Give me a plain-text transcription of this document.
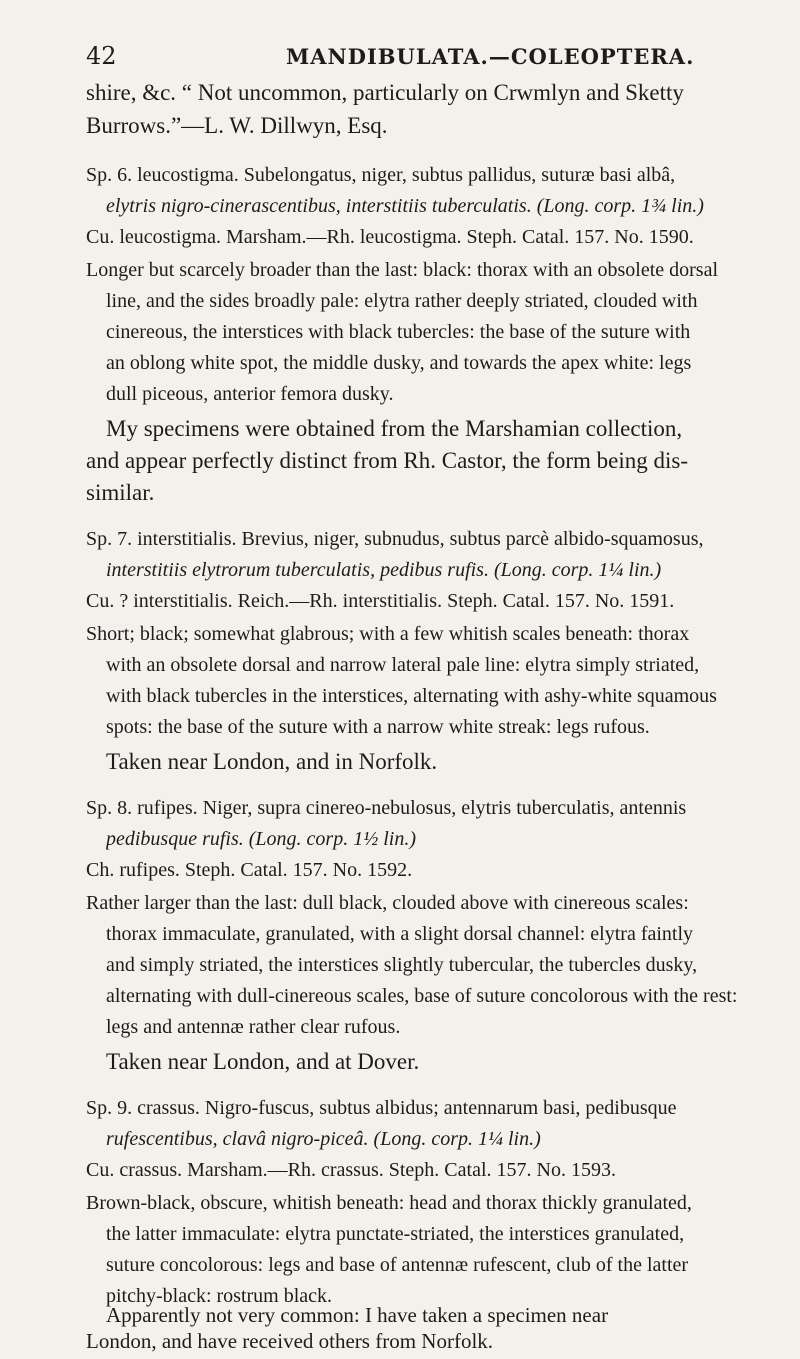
42	MANDIBULATA.—COLEOPTERA.
shire, &c. “ Not uncommon, particularly on Crwmlyn and Sketty
Burrows.”—L. W. Dillwyn, Esq.
Sp. 6. leucostigma. Subelongatus, niger, subtus pallidus, suturæ basi albâ,
elytris nigro-cinerascentibus, interstitiis tuberculatis. (Long. corp. 1¾ lin.)
Cu. leucostigma. Marsham.—Rh. leucostigma. Steph. Catal. 157. No. 1590.
Longer but scarcely broader than the last: black: thorax with an obsolete dorsal
line, and the sides broadly pale: elytra rather deeply striated, clouded with
cinereous, the interstices with black tubercles: the base of the suture with
an oblong white spot, the middle dusky, and towards the apex white: legs
dull piceous, anterior femora dusky.
My specimens were obtained from the Marshamian collection,
and appear perfectly distinct from Rh. Castor, the form being dis-
similar.
Sp. 7. interstitialis. Brevius, niger, subnudus, subtus parcè albido-squamosus,
interstitiis elytrorum tuberculatis, pedibus rufis. (Long. corp. 1¼ lin.)
Cu. ? interstitialis. Reich.—Rh. interstitialis. Steph. Catal. 157. No. 1591.
Short; black; somewhat glabrous; with a few whitish scales beneath: thorax
with an obsolete dorsal and narrow lateral pale line: elytra simply striated,
with black tubercles in the interstices, alternating with ashy-white squamous
spots: the base of the suture with a narrow white streak: legs rufous.
Taken near London, and in Norfolk.
Sp. 8. rufipes. Niger, supra cinereo-nebulosus, elytris tuberculatis, antennis
pedibusque rufis. (Long. corp. 1½ lin.)
Ch. rufipes. Steph. Catal. 157. No. 1592.
Rather larger than the last: dull black, clouded above with cinereous scales:
thorax immaculate, granulated, with a slight dorsal channel: elytra faintly
and simply striated, the interstices slightly tubercular, the tubercles dusky,
alternating with dull-cinereous scales, base of suture concolorous with the rest:
legs and antennæ rather clear rufous.
Taken near London, and at Dover.
Sp. 9. crassus. Nigro-fuscus, subtus albidus; antennarum basi, pedibusque
rufescentibus, clavâ nigro-piceâ. (Long. corp. 1¼ lin.)
Cu. crassus. Marsham.—Rh. crassus. Steph. Catal. 157. No. 1593.
Brown-black, obscure, whitish beneath: head and thorax thickly granulated,
the latter immaculate: elytra punctate-striated, the interstices granulated,
suture concolorous: legs and base of antennæ rufescent, club of the latter
pitchy-black: rostrum black.
Apparently not very common: I have taken a specimen near
London, and have received others from Norfolk.
